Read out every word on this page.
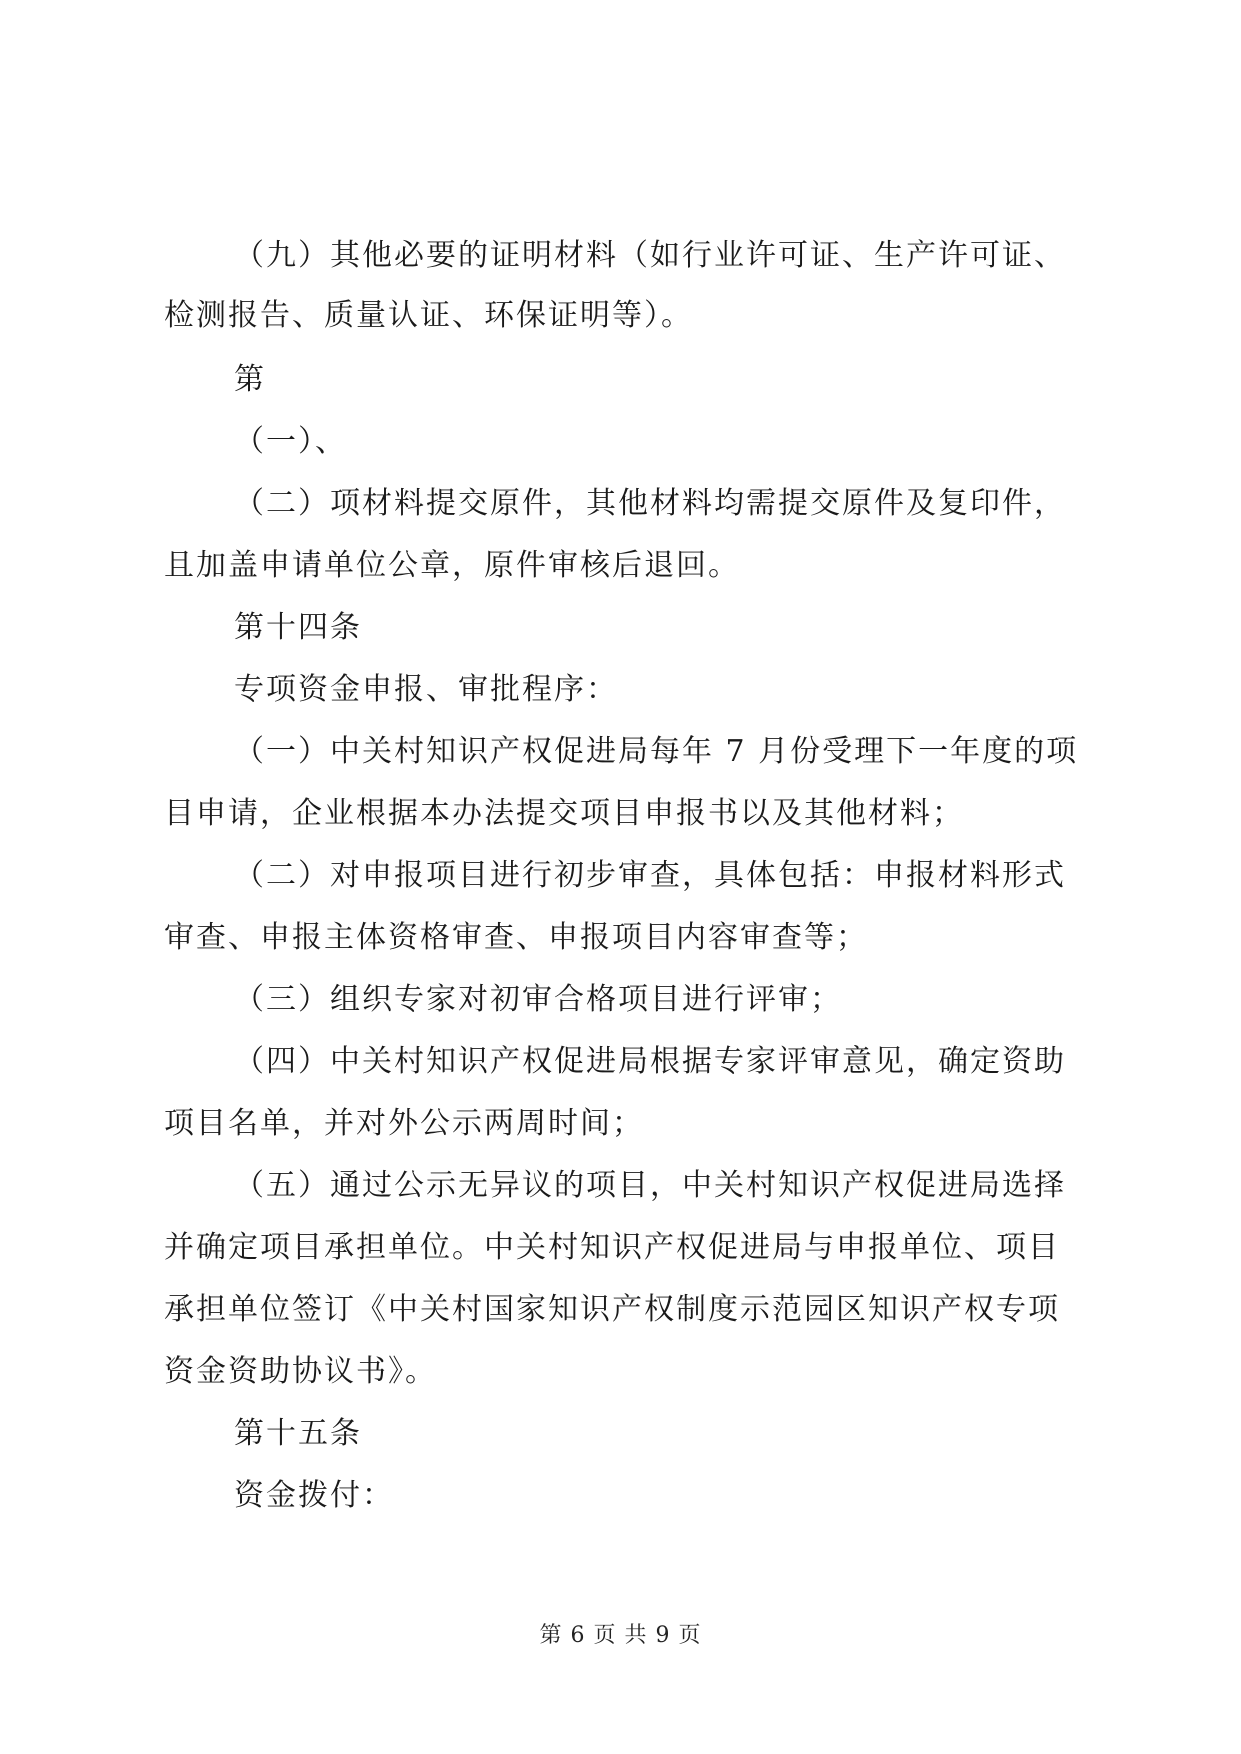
（九）其他必要的证明材料（如行业许可证、生产许可证、
检测报告、质量认证、环保证明等）。
第
（一）、
（二）项材料提交原件，其他材料均需提交原件及复印件，
且加盖申请单位公章，原件审核后退回。
第十四条
专项资金申报、审批程序：
（一）中关村知识产权促进局每年 7 月份受理下一年度的项
目申请，企业根据本办法提交项目申报书以及其他材料；
（二）对申报项目进行初步审查，具体包括：申报材料形式
审查、申报主体资格审查、申报项目内容审查等；
（三）组织专家对初审合格项目进行评审；
（四）中关村知识产权促进局根据专家评审意见，确定资助
项目名单，并对外公示两周时间；
（五）通过公示无异议的项目，中关村知识产权促进局选择
并确定项目承担单位。中关村知识产权促进局与申报单位、项目
承担单位签订《中关村国家知识产权制度示范园区知识产权专项
资金资助协议书》。
第十五条
资金拨付：
第 6 页 共 9 页
